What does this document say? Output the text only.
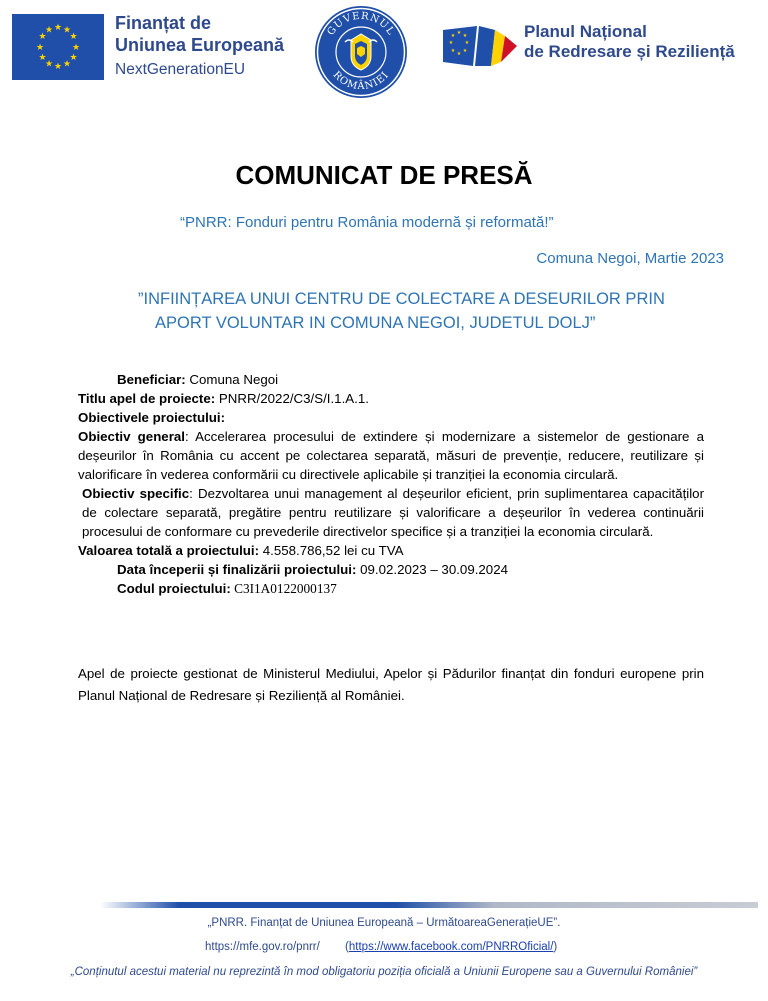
★ ★
★
★
★
★
★
★
★
★
★
★	Finanțat de
Uniunea Europeană
NextGenerationEU
GUVERNUL
ROMÂNIEI
★ ★
★
★
★
★
★
★	Planul Național
de Redresare și Reziliență
COMUNICAT DE PRESĂ
“PNRR: Fonduri pentru România modernă și reformată!”
Comuna Negoi, Martie 2023
”INFIINȚAREA UNUI CENTRU DE COLECTARE A DESEURILOR PRIN
APORT VOLUNTAR IN COMUNA NEGOI, JUDETUL DOLJ”
Beneficiar: Comuna Negoi
Titlu apel de proiecte: PNRR/2022/C3/S/I.1.A.1.
Obiectivele proiectului:
Obiectiv general: Accelerarea procesului de extindere și modernizare a sistemelor de gestionare a deșeurilor în România cu accent pe colectarea separată, măsuri de prevenție, reducere, reutilizare și valorificare în vederea conformării cu directivele aplicabile și tranziției la economia circulară.
Obiectiv specific: Dezvoltarea unui management al deșeurilor eficient, prin suplimentarea capacităților de colectare separată, pregătire pentru reutilizare și valorificare a deșeurilor în vederea continuării procesului de conformare cu prevederile directivelor specifice și a tranziției la economia circulară.
Valoarea totală a proiectului: 4.558.786,52 lei cu TVA
Data începerii și finalizării proiectului: 09.02.2023 – 30.09.2024
Codul proiectului: C3I1A0122000137
Apel de proiecte gestionat de Ministerul Mediului, Apelor și Pădurilor finanțat din fonduri europene prin Planul Național de Redresare și Reziliență al României.
„PNRR. Finanțat de Uniunea Europeană – UrmătoareaGenerațieUE”.
https://mfe.gov.ro/pnrr/ (https://www.facebook.com/PNRROficial/)
„Conținutul acestui material nu reprezintă în mod obligatoriu poziția oficială a Uniunii Europene sau a Guvernului României”
